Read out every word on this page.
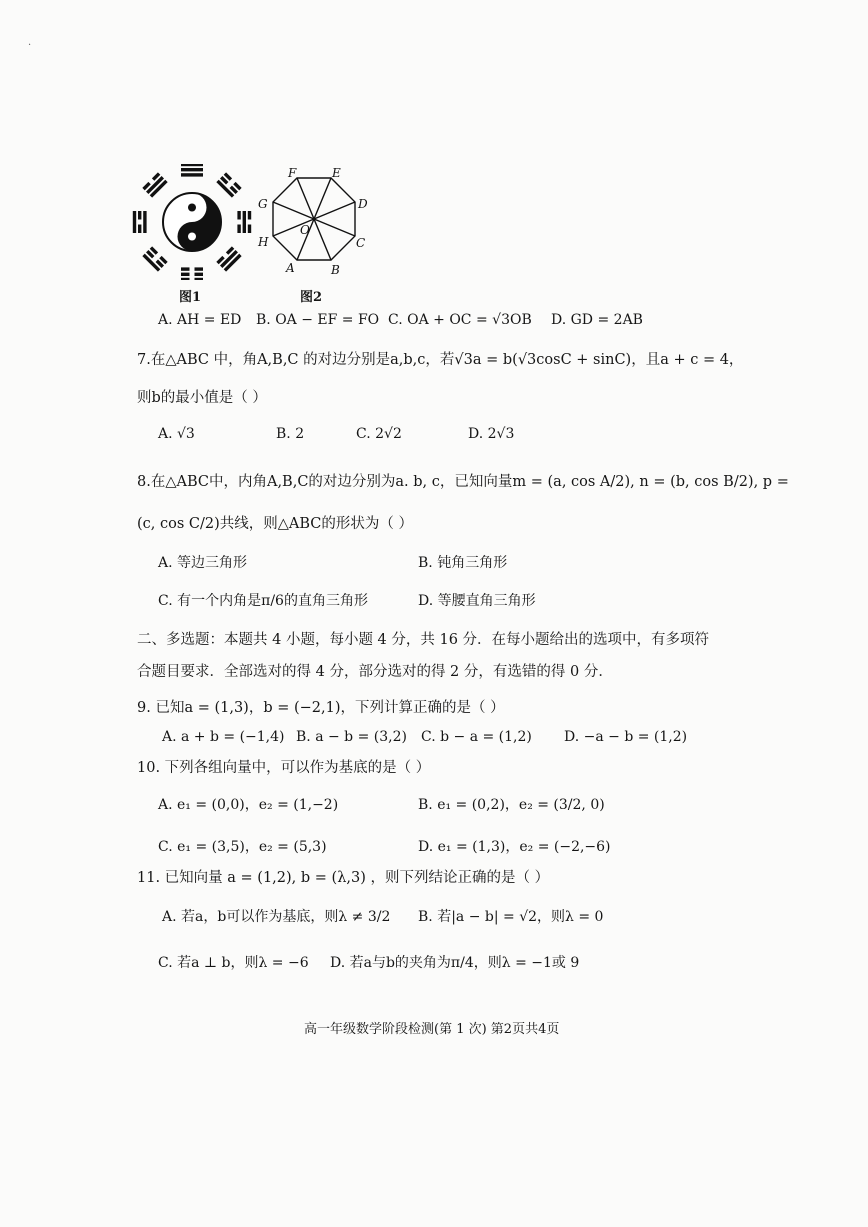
·
图1
F	E
D
C
B
A
H
G
O
图2
A. AH = ED B. OA − EF = FO C. OA + OC = √3OB D. GD = 2AB
7.在△ABC 中，角A,B,C 的对边分别是a,b,c，若√3a = b(√3cosC + sinC)，且a + c = 4，
则b的最小值是（ ）
A. √3	B. 2	C. 2√2	D. 2√3
8.在△ABC中，内角A,B,C的对边分别为a. b, c，已知向量m = (a, cos A/2), n = (b, cos B/2), p =
(c, cos C/2)共线，则△ABC的形状为（ ）
A. 等边三角形	B. 钝角三角形
C. 有一个内角是π/6的直角三角形	D. 等腰直角三角形
二、多选题：本题共 4 小题，每小题 4 分，共 16 分．在每小题给出的选项中，有多项符
合题目要求．全部选对的得 4 分，部分选对的得 2 分，有选错的得 0 分．
9. 已知a = (1,3)，b = (−2,1)，下列计算正确的是（ ）
A. a + b = (−1,4) B. a − b = (3,2) C. b − a = (1,2) D. −a − b = (1,2)
10. 下列各组向量中，可以作为基底的是（ ）
A. e₁ = (0,0)，e₂ = (1,−2)	B. e₁ = (0,2)，e₂ = (3/2, 0)
C. e₁ = (3,5)，e₂ = (5,3)	D. e₁ = (1,3)，e₂ = (−2,−6)
11. 已知向量 a = (1,2), b = (λ,3) ，则下列结论正确的是（ ）
A. 若a，b可以作为基底，则λ ≠ 3/2 B. 若|a − b| = √2，则λ = 0
C. 若a ⊥ b，则λ = −6 D. 若a与b的夹角为π/4，则λ = −1或 9
高一年级数学阶段检测(第 1 次) 第2页共4页
